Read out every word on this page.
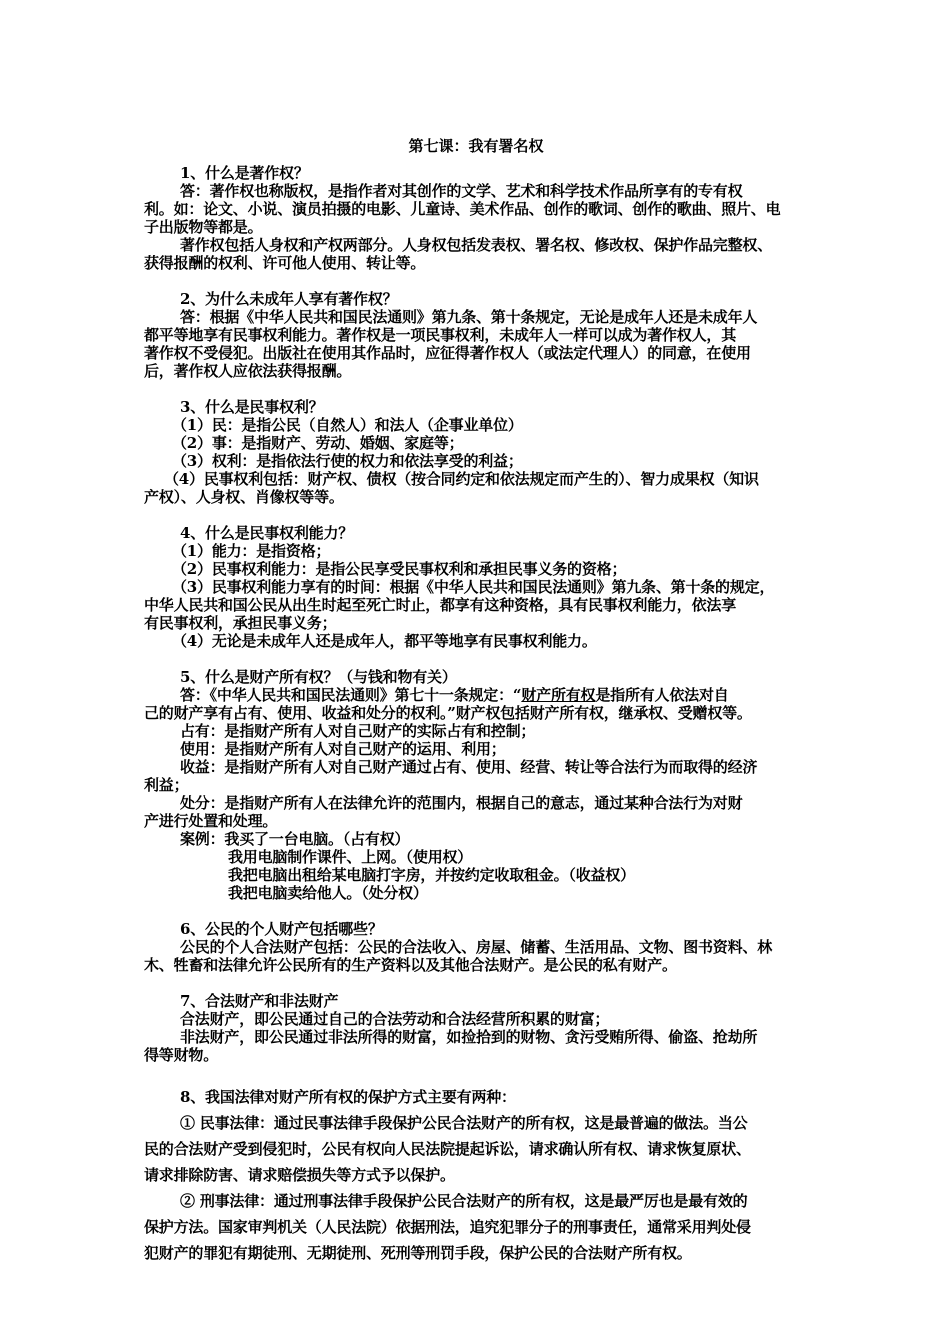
第七课：我有署名权
1、什么是著作权？
答：著作权也称版权，是指作者对其创作的文学、艺术和科学技术作品所享有的专有权
利。如：论文、小说、演员拍摄的电影、儿童诗、美术作品、创作的歌词、创作的歌曲、照片、电
子出版物等都是。
著作权包括人身权和产权两部分。人身权包括发表权、署名权、修改权、保护作品完整权、
获得报酬的权利、许可他人使用、转让等。
2、为什么未成年人享有著作权？
答：根据《中华人民共和国民法通则》第九条、第十条规定，无论是成年人还是未成年人
都平等地享有民事权利能力。著作权是一项民事权利，未成年人一样可以成为著作权人，其
著作权不受侵犯。出版社在使用其作品时，应征得著作权人（或法定代理人）的同意，在使用
后，著作权人应依法获得报酬。
3、什么是民事权利？
（1）民：是指公民（自然人）和法人（企事业单位）
（2）事：是指财产、劳动、婚姻、家庭等；
（3）权利：是指依法行使的权力和依法享受的利益；
（4）民事权利包括：财产权、债权（按合同约定和依法规定而产生的）、智力成果权（知识
产权）、人身权、肖像权等等。
4、什么是民事权利能力？
（1）能力：是指资格；
（2）民事权利能力：是指公民享受民事权利和承担民事义务的资格；
（3）民事权利能力享有的时间：根据《中华人民共和国民法通则》第九条、第十条的规定，
中华人民共和国公民从出生时起至死亡时止，都享有这种资格，具有民事权利能力，依法享
有民事权利，承担民事义务；
（4）无论是未成年人还是成年人，都平等地享有民事权利能力。
5、什么是财产所有权？（与钱和物有关）
答：《中华人民共和国民法通则》第七十一条规定：“财产所有权是指所有人依法对自
己的财产享有占有、使用、收益和处分的权利。”财产权包括财产所有权，继承权、受赠权等。
占有：是指财产所有人对自己财产的实际占有和控制；
使用：是指财产所有人对自己财产的运用、利用；
收益：是指财产所有人对自己财产通过占有、使用、经营、转让等合法行为而取得的经济
利益；
处分：是指财产所有人在法律允许的范围内，根据自己的意志，通过某种合法行为对财
产进行处置和处理。
案例：我买了一台电脑。（占有权）
我用电脑制作课件、上网。（使用权）
我把电脑出租给某电脑打字房，并按约定收取租金。（收益权）
我把电脑卖给他人。（处分权）
6、公民的个人财产包括哪些？
公民的个人合法财产包括：公民的合法收入、房屋、储蓄、生活用品、文物、图书资料、林
木、牲畜和法律允许公民所有的生产资料以及其他合法财产。是公民的私有财产。
7、合法财产和非法财产
合法财产，即公民通过自己的合法劳动和合法经营所积累的财富；
非法财产，即公民通过非法所得的财富，如捡拾到的财物、贪污受贿所得、偷盗、抢劫所
得等财物。
8、我国法律对财产所有权的保护方式主要有两种：
① 民事法律：通过民事法律手段保护公民合法财产的所有权，这是最普遍的做法。当公
民的合法财产受到侵犯时，公民有权向人民法院提起诉讼，请求确认所有权、请求恢复原状、
请求排除防害、请求赔偿损失等方式予以保护。
② 刑事法律：通过刑事法律手段保护公民合法财产的所有权，这是最严厉也是最有效的
保护方法。国家审判机关（人民法院）依据刑法，追究犯罪分子的刑事责任，通常采用判处侵
犯财产的罪犯有期徒刑、无期徒刑、死刑等刑罚手段，保护公民的合法财产所有权。
